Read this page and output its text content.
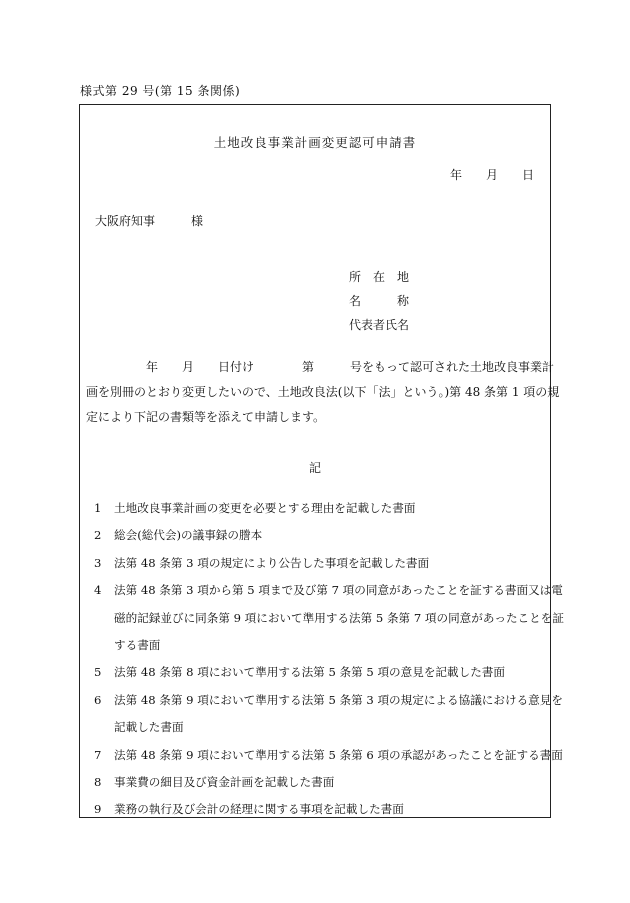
様式第 29 号(第 15 条関係)
土地改良事業計画変更認可申請書
年　　月　　日
大阪府知事　　　様
所　在　地
名　　　称
代表者氏名
　　　　　年　　月　　日付け　　　　第　　　号をもって認可された土地改良事業計
画を別冊のとおり変更したいので、土地改良法(以下「法」という。)第 48 条第 1 項の規
定により下記の書類等を添えて申請します。
記
1	土地改良事業計画の変更を必要とする理由を記載した書面
2	総会(総代会)の議事録の謄本
3	法第 48 条第 3 項の規定により公告した事項を記載した書面
4	法第 48 条第 3 項から第 5 項まで及び第 7 項の同意があったことを証する書面又は電
磁的記録並びに同条第 9 項において準用する法第 5 条第 7 項の同意があったことを証
する書面
5	法第 48 条第 8 項において準用する法第 5 条第 5 項の意見を記載した書面
6	法第 48 条第 9 項において準用する法第 5 条第 3 項の規定による協議における意見を
記載した書面
7	法第 48 条第 9 項において準用する法第 5 条第 6 項の承認があったことを証する書面
8	事業費の細目及び資金計画を記載した書面
9	業務の執行及び会計の経理に関する事項を記載した書面
